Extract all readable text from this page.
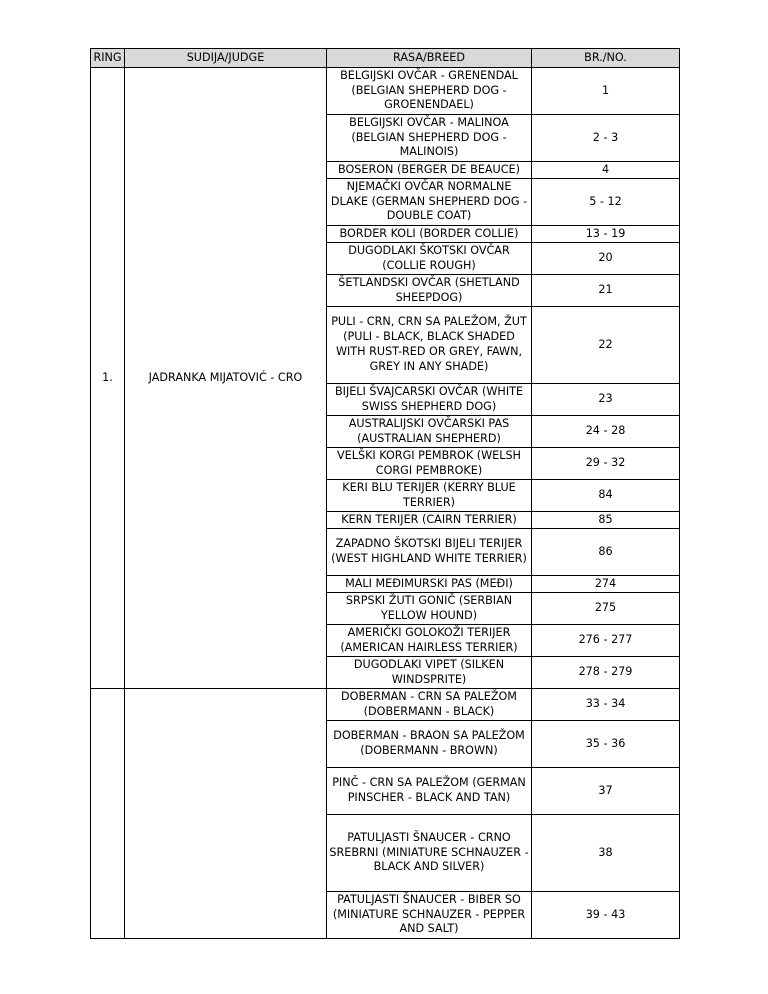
RING	SUDIJA/JUDGE	RASA/BREED	BR./NO.
1.	JADRANKA MIJATOVIĆ - CRO	BELGIJSKI OVČAR - GRENENDAL (BELGIAN SHEPHERD DOG - GROENENDAEL)	1
		BELGIJSKI OVČAR - MALINOA (BELGIAN SHEPHERD DOG - MALINOIS)	2 - 3
		BOSERON (BERGER DE BEAUCE)	4
		NJEMAČKI OVČAR NORMALNE DLAKE (GERMAN SHEPHERD DOG - DOUBLE COAT)	5 - 12
		BORDER KOLI (BORDER COLLIE)	13 - 19
		DUGODLAKI ŠKOTSKI OVČAR (COLLIE ROUGH)	20
		ŠETLANDSKI OVČAR (SHETLAND SHEEPDOG)	21
		PULI - CRN, CRN SA PALEŽOM, ŽUT (PULI - BLACK, BLACK SHADED WITH RUST-RED OR GREY, FAWN, GREY IN ANY SHADE)	22
		BIJELI ŠVAJCARSKI OVČAR (WHITE SWISS SHEPHERD DOG)	23
		AUSTRALIJSKI OVČARSKI PAS (AUSTRALIAN SHEPHERD)	24 - 28
		VELŠKI KORGI PEMBROK (WELSH CORGI PEMBROKE)	29 - 32
		KERI BLU TERIJER (KERRY BLUE TERRIER)	84
		KERN TERIJER (CAIRN TERRIER)	85
		ZAPADNO ŠKOTSKI BIJELI TERIJER (WEST HIGHLAND WHITE TERRIER)	86
		MALI MEĐIMURSKI PAS (MEĐI)	274
		SRPSKI ŽUTI GONIČ (SERBIAN YELLOW HOUND)	275
		AMERIČKI GOLOKOŽI TERIJER (AMERICAN HAIRLESS TERRIER)	276 - 277
		DUGODLAKI VIPET (SILKEN WINDSPRITE)	278 - 279
		DOBERMAN - CRN SA PALEŽOM (DOBERMANN - BLACK)	33 - 34
		DOBERMAN - BRAON SA PALEŽOM (DOBERMANN - BROWN)	35 - 36
		PINČ - CRN SA PALEŽOM (GERMAN PINSCHER - BLACK AND TAN)	37
		PATULJASTI ŠNAUCER - CRNO SREBRNI (MINIATURE SCHNAUZER - BLACK AND SILVER)	38
		PATULJASTI ŠNAUCER - BIBER SO (MINIATURE SCHNAUZER - PEPPER AND SALT)	39 - 43
